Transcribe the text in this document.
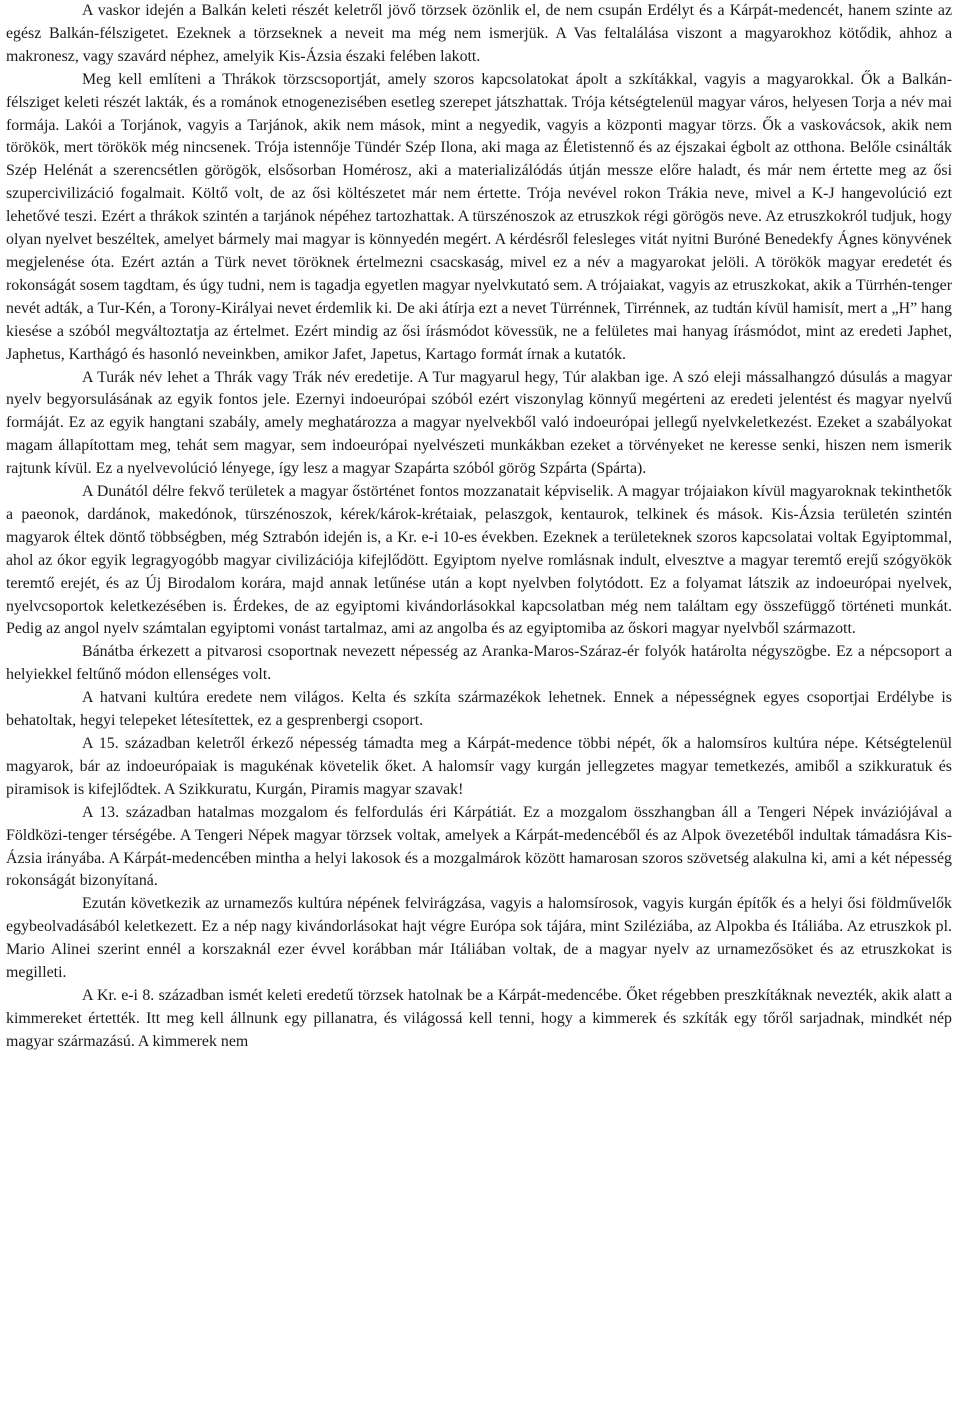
A vaskor idején a Balkán keleti részét keletről jövő törzsek özönlik el, de nem csupán Erdélyt és a Kárpát-medencét, hanem szinte az egész Balkán-félszigetet. Ezeknek a törzseknek a neveit ma még nem ismerjük. A Vas feltalálása viszont a magyarokhoz kötődik, ahhoz a makronesz, vagy szavárd néphez, amelyik Kis-Ázsia északi felében lakott.

Meg kell említeni a Thrákok törzscsoportját, amely szoros kapcsolatokat ápolt a szkítákkal, vagyis a magyarokkal. Ők a Balkán-félsziget keleti részét lakták, és a románok etnogenezisében esetleg szerepet játszhattak. Trója kétségtelenül magyar város, helyesen Torja a név mai formája. Lakói a Torjánok, vagyis a Tarjánok, akik nem mások, mint a negyedik, vagyis a központi magyar törzs. Ők a vaskovácsok, akik nem törökök, mert törökök még nincsenek. Trója istennője Tündér Szép Ilona, aki maga az Életistennő és az éjszakai égbolt az otthona. Belőle csinálták Szép Helénát a szerencsétlen görögök, elsősorban Homérosz, aki a materializálódás útján messze előre haladt, és már nem értette meg az ősi szupercivilizáció fogalmait. Költő volt, de az ősi költészetet már nem értette. Trója nevével rokon Trákia neve, mivel a K-J hangevolúció ezt lehetővé teszi. Ezért a thrákok szintén a tarjánok népéhez tartozhattak. A türszénoszok az etruszkok régi görögös neve. Az etruszkokról tudjuk, hogy olyan nyelvet beszéltek, amelyet bármely mai magyar is könnyedén megért. A kérdésről felesleges vitát nyitni Buróné Benedekfy Ágnes könyvének megjelenése óta. Ezért aztán a Türk nevet töröknek értelmezni csacskaság, mivel ez a név a magyarokat jelöli. A törökök magyar eredetét és rokonságát sosem tagdtam, és úgy tudni, nem is tagadja egyetlen magyar nyelvkutató sem. A trójaiakat, vagyis az etruszkokat, akik a Türrhén-tenger nevét adták, a Tur-Kén, a Torony-Királyai nevet érdemlik ki. De aki átírja ezt a nevet Türrénnek, Tirrénnek, az tudtán kívül hamisít, mert a „H” hang kiesése a szóból megváltoztatja az értelmet. Ezért mindig az ősi írásmódot kövessük, ne a felületes mai hanyag írásmódot, mint az eredeti Japhet, Japhetus, Karthágó és hasonló neveinkben, amikor Jafet, Japetus, Kartago formát írnak a kutatók.

A Turák név lehet a Thrák vagy Trák név eredetije. A Tur magyarul hegy, Túr alakban ige. A szó eleji mássalhangzó dúsulás a magyar nyelv begyorsulásának az egyik fontos jele. Ezernyi indoeurópai szóból ezért viszonylag könnyű megérteni az eredeti jelentést és magyar nyelvű formáját. Ez az egyik hangtani szabály, amely meghatározza a magyar nyelvekből való indoeurópai jellegű nyelvkeletkezést. Ezeket a szabályokat magam állapítottam meg, tehát sem magyar, sem indoeurópai nyelvészeti munkákban ezeket a törvényeket ne keresse senki, hiszen nem ismerik rajtunk kívül. Ez a nyelvevolúció lényege, így lesz a magyar Szapárta szóból görög Szpárta (Spárta).

A Dunától délre fekvő területek a magyar őstörténet fontos mozzanatait képviselik. A magyar trójaiakon kívül magyaroknak tekinthetők a paeonok, dardánok, makedónok, türszénoszok, kérek/károk-krétaiak, pelaszgok, kentaurok, telkinek és mások. Kis-Ázsia területén szintén magyarok éltek döntő többségben, még Sztrabón idején is, a Kr. e-i 10-es években. Ezeknek a területeknek szoros kapcsolatai voltak Egyiptommal, ahol az ókor egyik legragyogóbb magyar civilizációja kifejlődött. Egyiptom nyelve romlásnak indult, elvesztve a magyar teremtő erejű szógyökök teremtő erejét, és az Új Birodalom korára, majd annak letűnése után a kopt nyelvben folytódott. Ez a folyamat látszik az indoeurópai nyelvek, nyelvcsoportok keletkezésében is. Érdekes, de az egyiptomi kivándorlásokkal kapcsolatban még nem találtam egy összefüggő történeti munkát. Pedig az angol nyelv számtalan egyiptomi vonást tartalmaz, ami az angolba és az egyiptomiba az őskori magyar nyelvből származott.

Bánátba érkezett a pitvarosi csoportnak nevezett népesség az Aranka-Maros-Száraz-ér folyók határolta négyszögbe. Ez a népcsoport a helyiekkel feltűnő módon ellenséges volt.

A hatvani kultúra eredete nem világos. Kelta és szkíta származékok lehetnek. Ennek a népességnek egyes csoportjai Erdélybe is behatoltak, hegyi telepeket létesítettek, ez a gesprenbergi csoport.

A 15. században keletről érkező népesség támadta meg a Kárpát-medence többi népét, ők a halomsíros kultúra népe. Kétségtelenül magyarok, bár az indoeurópaiak is magukénak követelik őket. A halomsír vagy kurgán jellegzetes magyar temetkezés, amiből a szikkuratuk és piramisok is kifejlődtek. A Szikkuratu, Kurgán, Piramis magyar szavak!

A 13. században hatalmas mozgalom és felfordulás éri Kárpátiát. Ez a mozgalom összhangban áll a Tengeri Népek inváziójával a Földközi-tenger térségébe. A Tengeri Népek magyar törzsek voltak, amelyek a Kárpát-medencéből és az Alpok övezetéből indultak támadásra Kis-Ázsia irányába. A Kárpát-medencében mintha a helyi lakosok és a mozgalmárok között hamarosan szoros szövetség alakulna ki, ami a két népesség rokonságát bizonyítaná.

Ezután következik az urnamezős kultúra népének felvirágzása, vagyis a halomsírosok, vagyis kurgán építők és a helyi ősi földművelők egybeolvadásából keletkezett. Ez a nép nagy kivándorlásokat hajt végre Európa sok tájára, mint Sziléziába, az Alpokba és Itáliába. Az etruszkok pl. Mario Alinei szerint ennél a korszaknál ezer évvel korábban már Itáliában voltak, de a magyar nyelv az urnamezősöket és az etruszkokat is megilleti.

A Kr. e-i 8. században ismét keleti eredetű törzsek hatolnak be a Kárpát-medencébe. Őket régebben preszkítáknak nevezték, akik alatt a kimmereket értették. Itt meg kell állnunk egy pillanatra, és világossá kell tenni, hogy a kimmerek és szkíták egy tőről sarjadnak, mindkét nép magyar származású. A kimmerek nem
